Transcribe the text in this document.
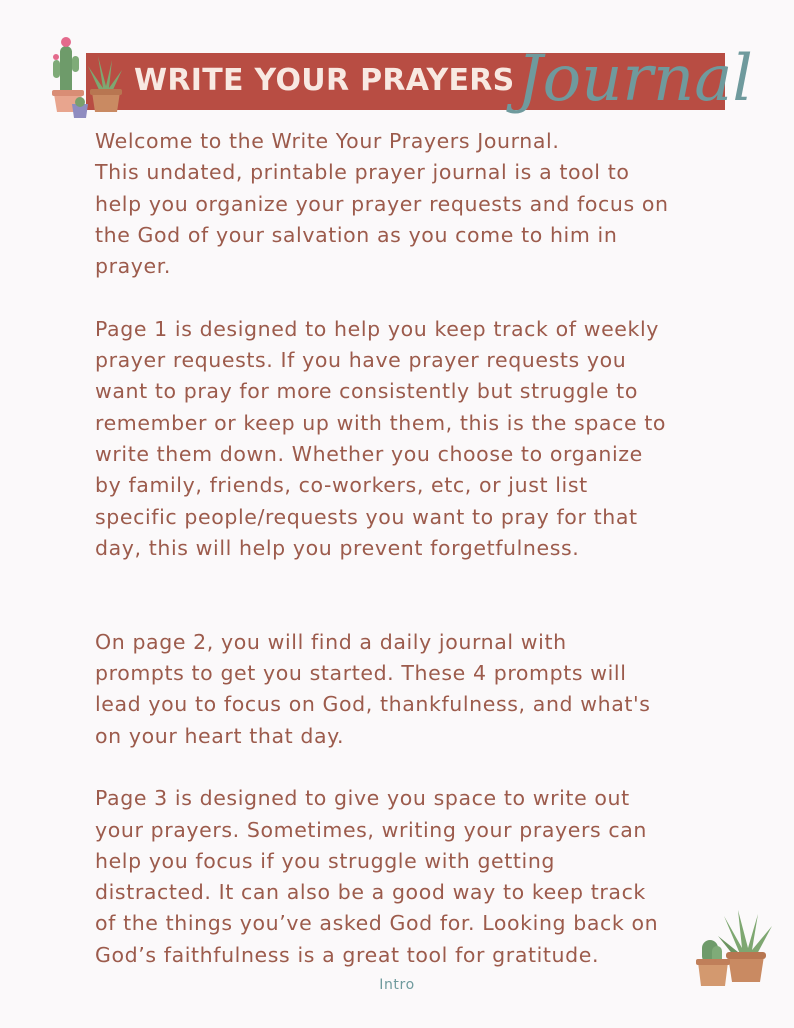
WRITE YOUR PRAYERS Journal
Welcome to the Write Your Prayers Journal.
This undated, printable prayer journal is a tool to
help you organize your prayer requests and focus on
the God of your salvation as you come to him in
prayer.
Page 1 is designed to help you keep track of weekly
prayer requests. If you have prayer requests you
want to pray for more consistently but struggle to
remember or keep up with them, this is the space to
write them down. Whether you choose to organize
by family, friends, co-workers, etc, or just list
specific people/requests you want to pray for that
day, this will help you prevent forgetfulness.
On page 2, you will find a daily journal with
prompts to get you started. These 4 prompts will
lead you to focus on God, thankfulness, and what's
on your heart that day.
Page 3 is designed to give you space to write out
your prayers. Sometimes, writing your prayers can
help you focus if you struggle with getting
distracted. It can also be a good way to keep track
of the things you’ve asked God for. Looking back on
God’s faithfulness is a great tool for gratitude.
Intro
